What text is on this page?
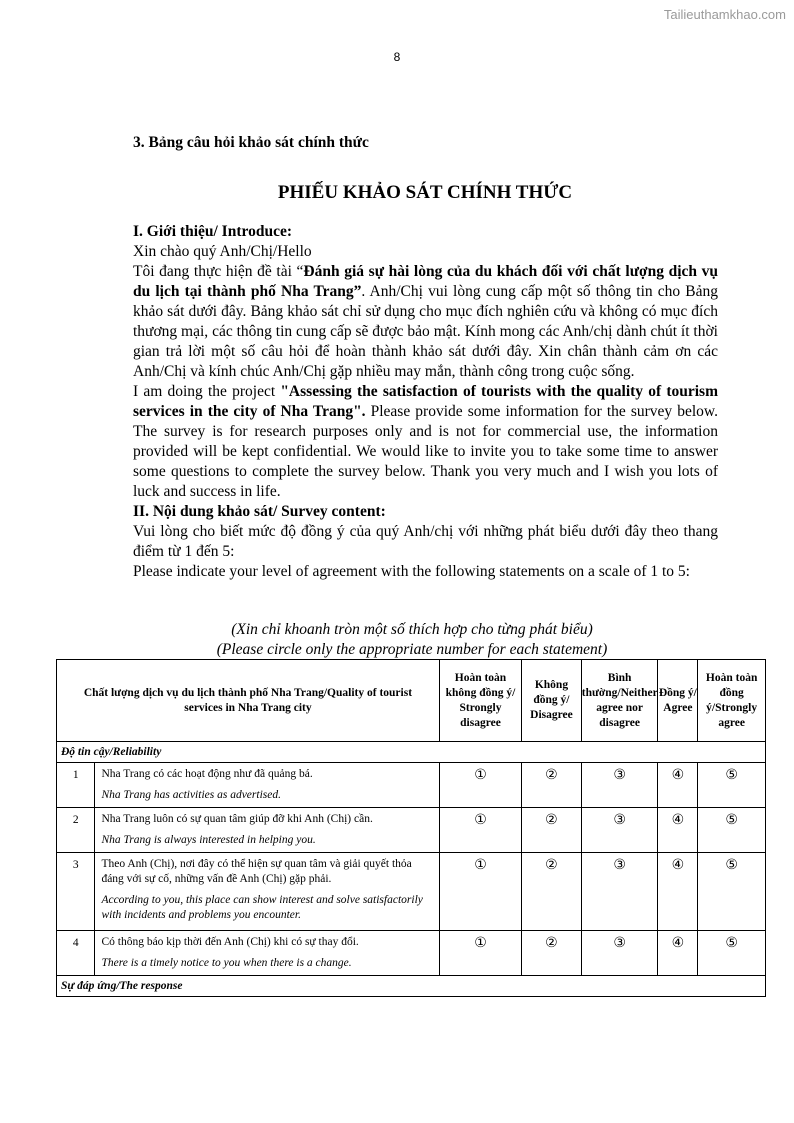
Tailieuthamkhao.com
8
3. Bảng câu hỏi khảo sát chính thức
PHIẾU KHẢO SÁT CHÍNH THỨC

I. Giới thiệu/ Introduce:

Xin chào quý Anh/Chị/Hello

Tôi đang thực hiện đề tài “Đánh giá sự hài lòng của du khách đối với chất lượng dịch vụ du lịch tại thành phố Nha Trang”. Anh/Chị vui lòng cung cấp một số thông tin cho Bảng khảo sát dưới đây. Bảng khảo sát chỉ sử dụng cho mục đích nghiên cứu và không có mục đích thương mại, các thông tin cung cấp sẽ được bảo mật. Kính mong các Anh/chị dành chút ít thời gian trả lời một số câu hỏi để hoàn thành khảo sát dưới đây. Xin chân thành cảm ơn các Anh/Chị và kính chúc Anh/Chị gặp nhiều may mắn, thành công trong cuộc sống.

I am doing the project "Assessing the satisfaction of tourists with the quality of tourism services in the city of Nha Trang". Please provide some information for the survey below. The survey is for research purposes only and is not for commercial use, the information provided will be kept confidential. We would like to invite you to take some time to answer some questions to complete the survey below. Thank you very much and I wish you lots of luck and success in life.

II. Nội dung khảo sát/ Survey content:

Vui lòng cho biết mức độ đồng ý của quý Anh/chị với những phát biểu dưới đây theo thang điểm từ 1 đến 5:

Please indicate your level of agreement with the following statements on a scale of 1 to 5:

(Xin chỉ khoanh tròn một số thích hợp cho từng phát biểu)
(Please circle only the appropriate number for each statement)
Chất lượng dịch vụ du lịch thành phố Nha Trang/Quality of tourist services in Nha Trang city		Hoàn toàn không đồng ý/ Strongly disagree	Không đồng ý/ Disagree	Bình thường/Neither agree nor disagree	Đồng ý/ Agree	Hoàn toàn đồng ý/Strongly agree
Độ tin cậy/Reliability						
1	Nha Trang có các hoạt động như đã quảng bá.
Nha Trang has activities as advertised.	①	②	③	④	⑤
2	Nha Trang luôn có sự quan tâm giúp đỡ khi Anh (Chị) cần.
Nha Trang is always interested in helping you.	①	②	③	④	⑤
3	Theo Anh (Chị), nơi đây có thể hiện sự quan tâm và giải quyết thỏa đáng với sự cố, những vấn đề Anh (Chị) gặp phải.
According to you, this place can show interest and solve satisfactorily with incidents and problems you encounter.	①	②	③	④	⑤
4	Có thông báo kịp thời đến Anh (Chị) khi có sự thay đổi.
There is a timely notice to you when there is a change.	①	②	③	④	⑤
Sự đáp ứng/The response						
